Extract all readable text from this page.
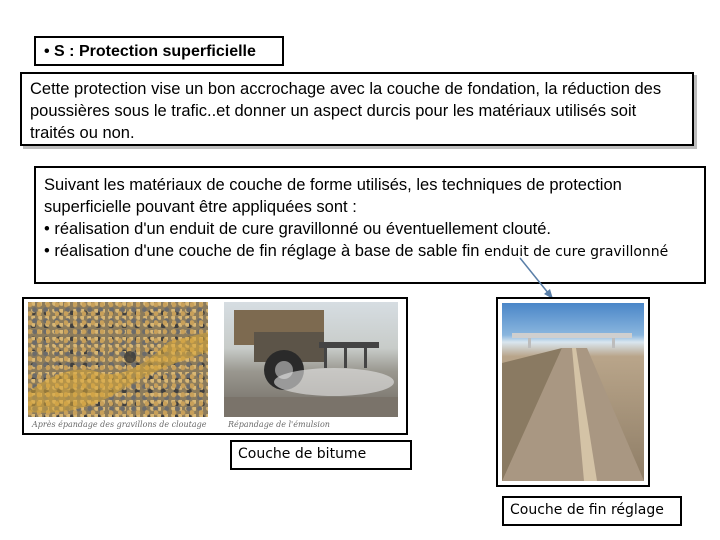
• S : Protection superficielle
Cette protection vise un bon accrochage avec la couche de fondation, la réduction des poussières sous le trafic..et donner un aspect durcis pour les matériaux utilisés soit traités ou non.

Suivant les matériaux de couche de forme utilisés, les techniques de protection superficielle pouvant être appliquées sont :

• réalisation d'un enduit de cure gravillonné ou éventuellement clouté.

• réalisation d'une couche de fin réglage à base de sable fin enduit de cure gravillonné

Après épandage des gravillons de cloutage	Répandage de l'émulsion
Couche de bitume
Couche de fin réglage
